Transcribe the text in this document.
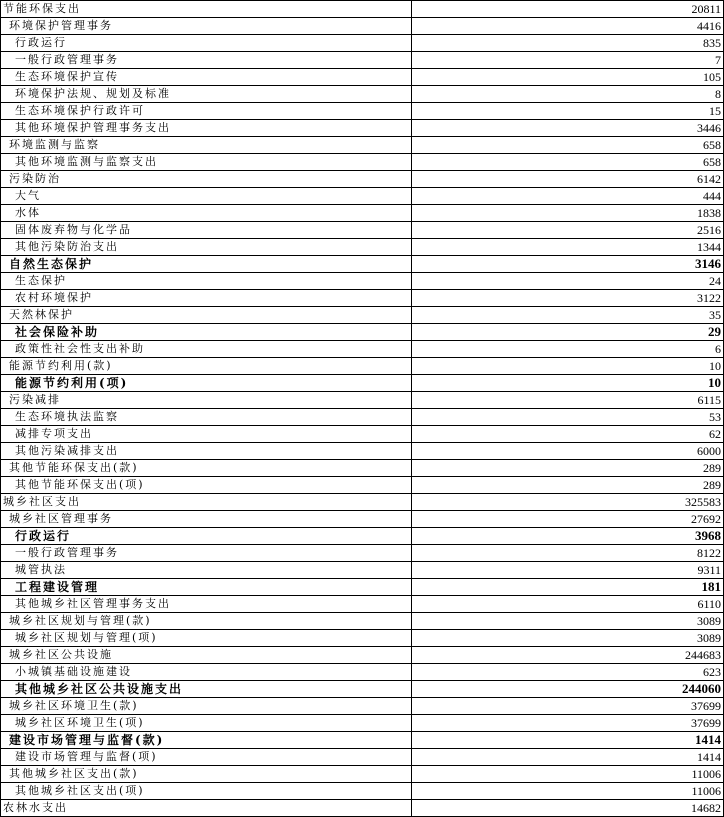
节能环保支出	20811
环境保护管理事务	4416
行政运行	835
一般行政管理事务	7
生态环境保护宣传	105
环境保护法规、规划及标准	8
生态环境保护行政许可	15
其他环境保护管理事务支出	3446
环境监测与监察	658
其他环境监测与监察支出	658
污染防治	6142
大气	444
水体	1838
固体废弃物与化学品	2516
其他污染防治支出	1344
自然生态保护	3146
生态保护	24
农村环境保护	3122
天然林保护	35
社会保险补助	29
政策性社会性支出补助	6
能源节约利用(款)	10
能源节约利用(项)	10
污染减排	6115
生态环境执法监察	53
减排专项支出	62
其他污染减排支出	6000
其他节能环保支出(款)	289
其他节能环保支出(项)	289
城乡社区支出	325583
城乡社区管理事务	27692
行政运行	3968
一般行政管理事务	8122
城管执法	9311
工程建设管理	181
其他城乡社区管理事务支出	6110
城乡社区规划与管理(款)	3089
城乡社区规划与管理(项)	3089
城乡社区公共设施	244683
小城镇基础设施建设	623
其他城乡社区公共设施支出	244060
城乡社区环境卫生(款)	37699
城乡社区环境卫生(项)	37699
建设市场管理与监督(款)	1414
建设市场管理与监督(项)	1414
其他城乡社区支出(款)	11006
其他城乡社区支出(项)	11006
农林水支出	14682
